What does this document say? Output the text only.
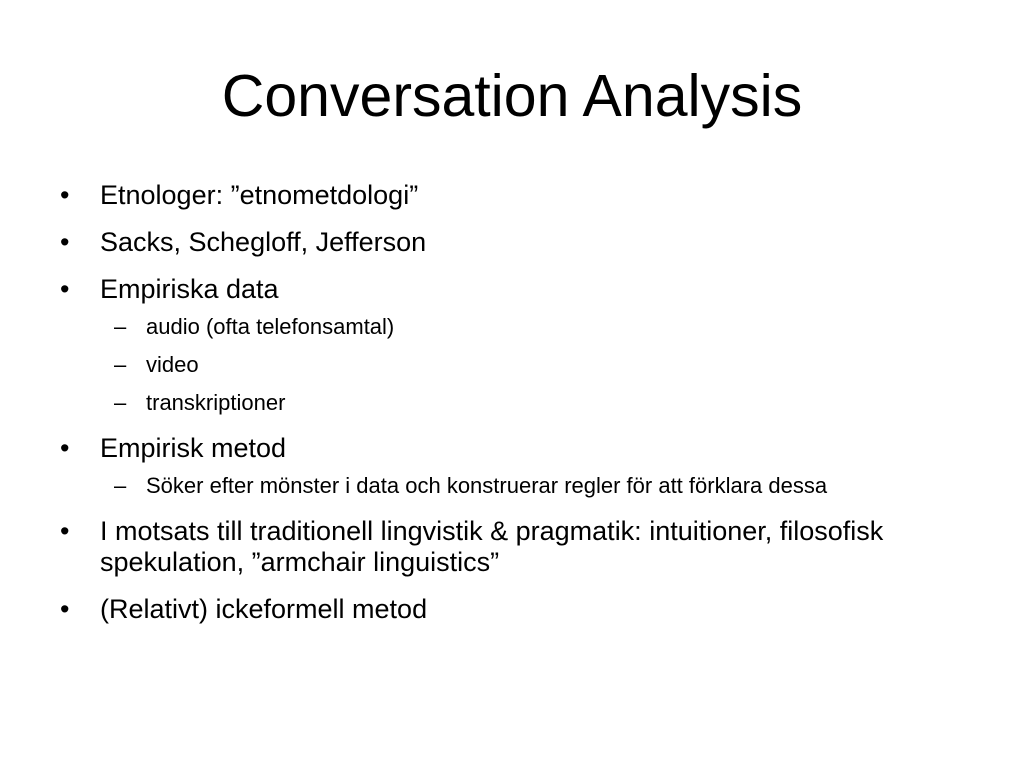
Conversation Analysis
• Etnologer: ”etnometdologi”
• Sacks, Schegloff, Jefferson
• Empiriska data
– audio (ofta telefonsamtal)
– video
– transkriptioner
• Empirisk metod
– Söker efter mönster i data och konstruerar regler för att förklara dessa
• I motsats till traditionell lingvistik & pragmatik: intuitioner, filosofisk spekulation, ”armchair linguistics”
• (Relativt) ickeformell metod
